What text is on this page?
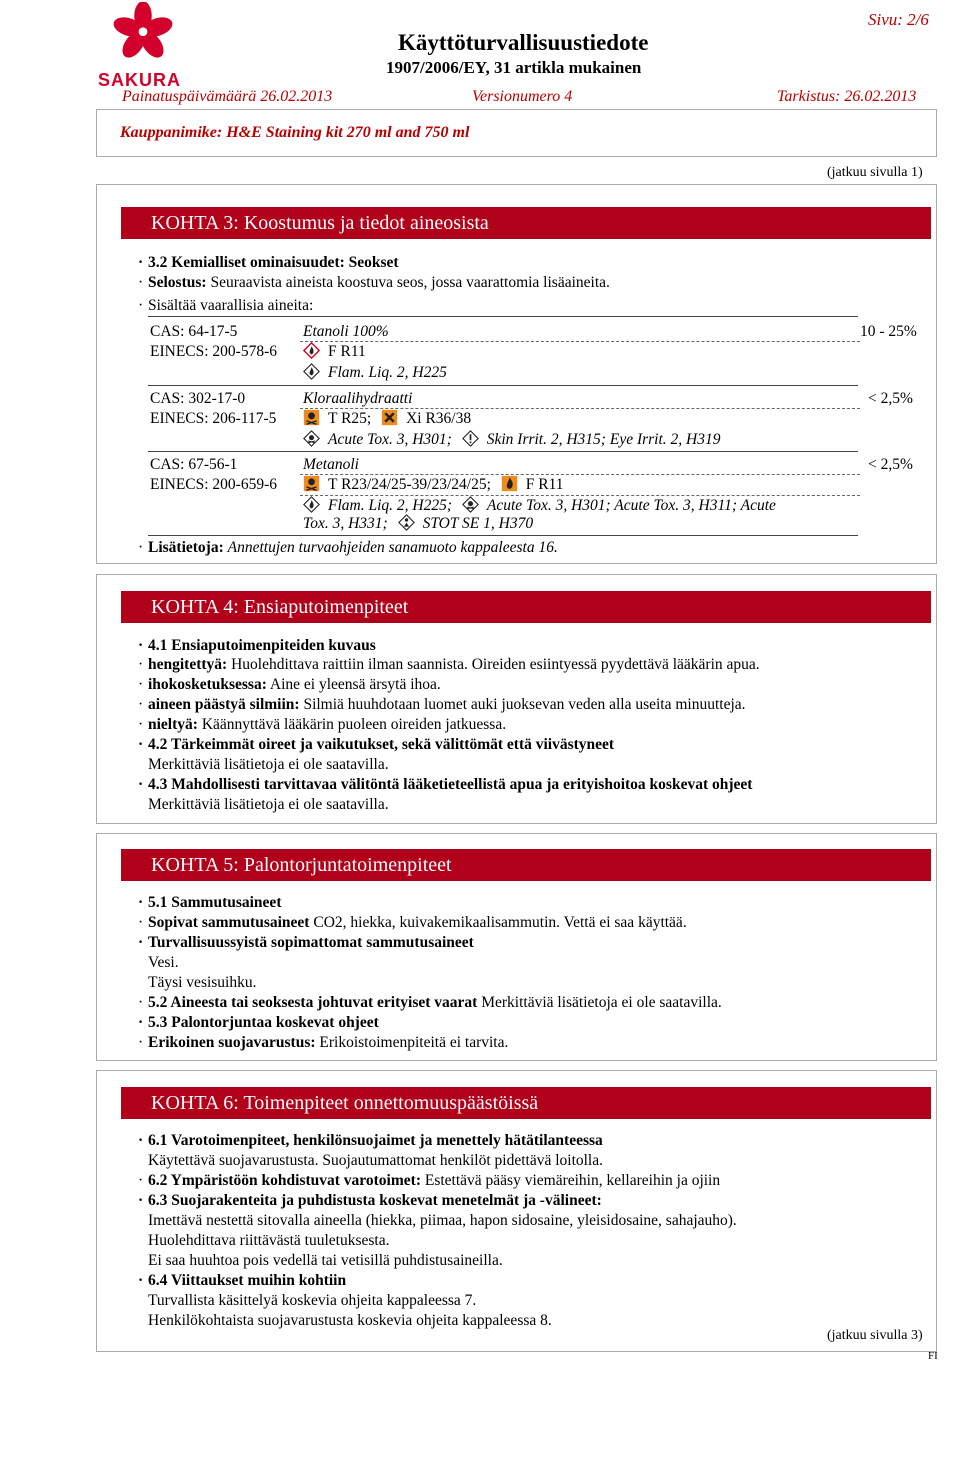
SAKURA
Käyttöturvallisuustiedote
1907/2006/EY, 31 artikla mukainen
Sivu: 2/6
Painatuspäivämäärä 26.02.2013	Versionumero 4	Tarkistus: 26.02.2013
Kauppanimike: H&E Staining kit 270 ml and 750 ml
(jatkuu sivulla 1)
KOHTA 3: Koostumus ja tiedot aineosista
· 3.2 Kemialliset ominaisuudet: Seokset
· Selostus: Seuraavista aineista koostuva seos, jossa vaarattomia lisäaineita.
· Sisältää vaarallisia aineita:
CAS: 64-17-5
EINECS: 200-578-6
Etanoli 100%
F R11
Flam. Liq. 2, H225
10 - 25%
CAS: 302-17-0
EINECS: 206-117-5
Kloraalihydraatti
T R25; Xi R36/38
Acute Tox. 3, H301; Skin Irrit. 2, H315; Eye Irrit. 2, H319
< 2,5%
CAS: 67-56-1
EINECS: 200-659-6
Metanoli
T R23/24/25-39/23/24/25; F R11
Flam. Liq. 2, H225; Acute Tox. 3, H301; Acute Tox. 3, H311; Acute
Tox. 3, H331; STOT SE 1, H370
< 2,5%
· Lisätietoja: Annettujen turvaohjeiden sanamuoto kappaleesta 16.
KOHTA 4: Ensiaputoimenpiteet
· 4.1 Ensiaputoimenpiteiden kuvaus
· hengitettyä: Huolehdittava raittiin ilman saannista. Oireiden esiintyessä pyydettävä lääkärin apua.
· ihokosketuksessa: Aine ei yleensä ärsytä ihoa.
· aineen päästyä silmiin: Silmiä huuhdotaan luomet auki juoksevan veden alla useita minuutteja.
· nieltyä: Käännyttävä lääkärin puoleen oireiden jatkuessa.
· 4.2 Tärkeimmät oireet ja vaikutukset, sekä välittömät että viivästyneet
Merkittäviä lisätietoja ei ole saatavilla.
· 4.3 Mahdollisesti tarvittavaa välitöntä lääketieteellistä apua ja erityishoitoa koskevat ohjeet
Merkittäviä lisätietoja ei ole saatavilla.
KOHTA 5: Palontorjuntatoimenpiteet
· 5.1 Sammutusaineet
· Sopivat sammutusaineet CO2, hiekka, kuivakemikaalisammutin. Vettä ei saa käyttää.
· Turvallisuussyistä sopimattomat sammutusaineet
Vesi.
Täysi vesisuihku.
· 5.2 Aineesta tai seoksesta johtuvat erityiset vaarat Merkittäviä lisätietoja ei ole saatavilla.
· 5.3 Palontorjuntaa koskevat ohjeet
· Erikoinen suojavarustus: Erikoistoimenpiteitä ei tarvita.
KOHTA 6: Toimenpiteet onnettomuuspäästöissä
· 6.1 Varotoimenpiteet, henkilönsuojaimet ja menettely hätätilanteessa
Käytettävä suojavarustusta. Suojautumattomat henkilöt pidettävä loitolla.
· 6.2 Ympäristöön kohdistuvat varotoimet: Estettävä pääsy viemäreihin, kellareihin ja ojiin
· 6.3 Suojarakenteita ja puhdistusta koskevat menetelmät ja -välineet:
Imettävä nestettä sitovalla aineella (hiekka, piimaa, hapon sidosaine, yleisidosaine, sahajauho).
Huolehdittava riittävästä tuuletuksesta.
Ei saa huuhtoa pois vedellä tai vetisillä puhdistusaineilla.
· 6.4 Viittaukset muihin kohtiin
Turvallista käsittelyä koskevia ohjeita kappaleessa 7.
Henkilökohtaista suojavarustusta koskevia ohjeita kappaleessa 8.
(jatkuu sivulla 3)
FI
